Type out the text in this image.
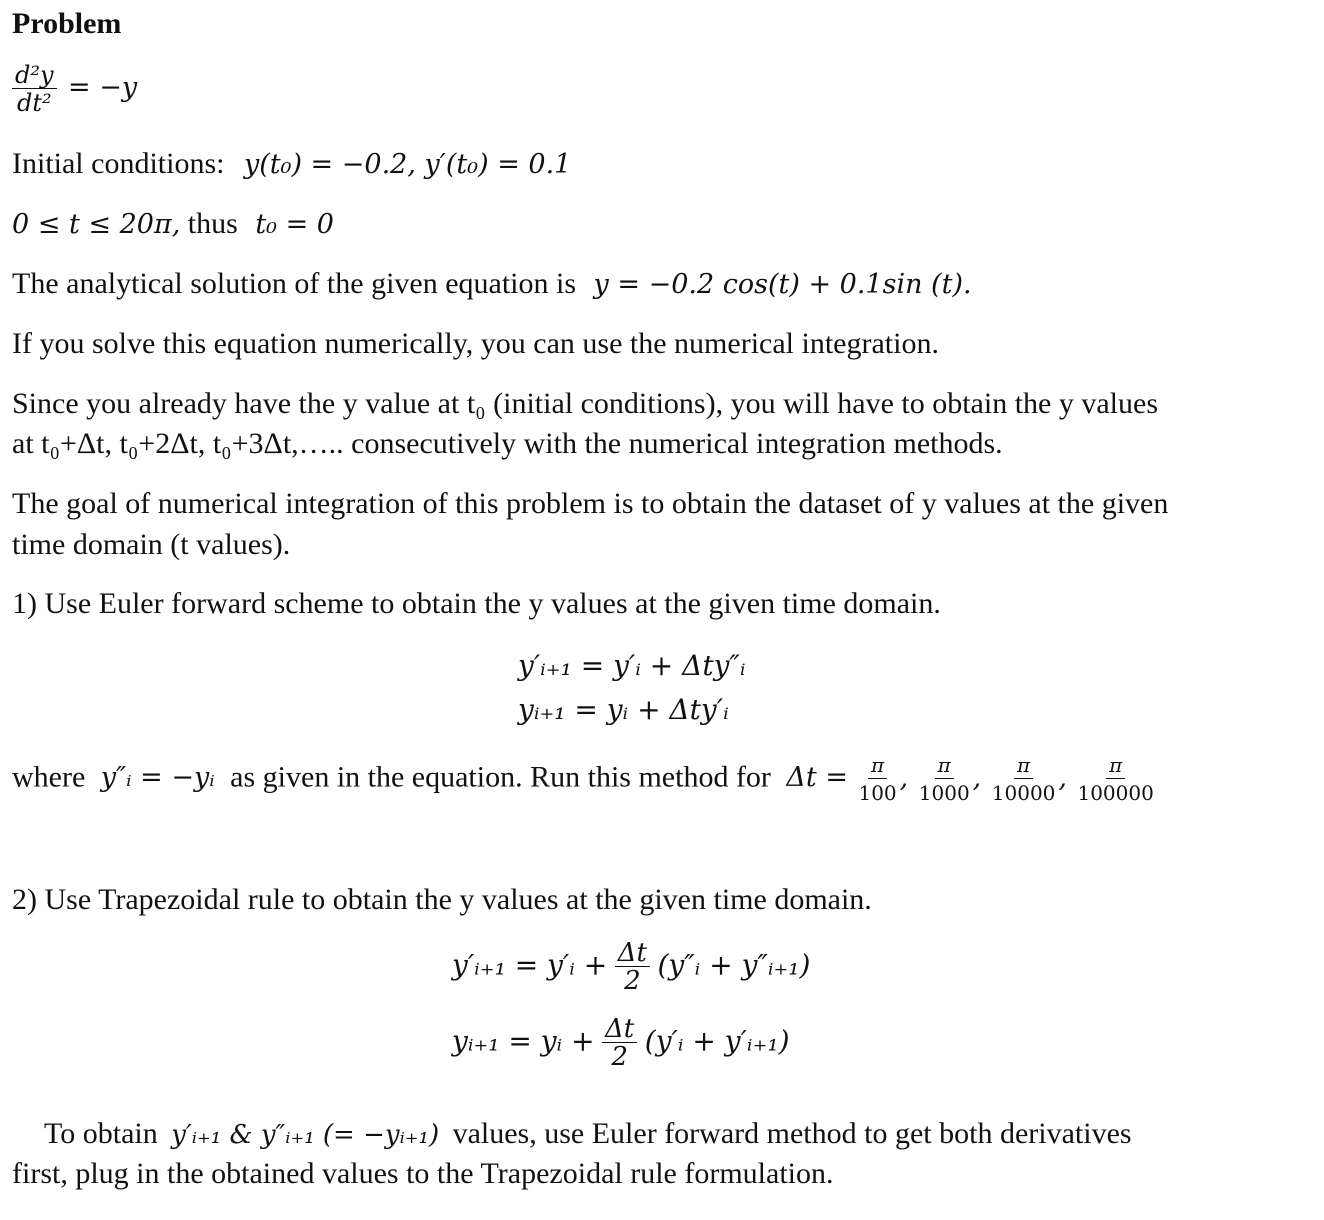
Problem
$\frac{\text{d²y}}{\text{dt²}} = -y$
Initial conditions: y(t₀) = −0.2, y′(t₀) = 0.1
0 ≤ t ≤ 20π, thus t₀ = 0
The analytical solution of the given equation is y = −0.2 cos(t) + 0.1sin (t).
If you solve this equation numerically, you can use the numerical integration.
Since you already have the y value at t₀ (initial conditions), you will have to obtain the y values
at t₀+Δt, t₀+2Δt, t₀+3Δt,….. consecutively with the numerical integration methods.
The goal of numerical integration of this problem is to obtain the dataset of y values at the given
time domain (t values).
1) Use Euler forward scheme to obtain the y values at the given time domain.
y′ᵢ₊₁ = y′ᵢ + Δty″ᵢ
yᵢ₊₁ = yᵢ + Δty′ᵢ
where y″ᵢ = −yᵢ as given in the equation. Run this method for $\Delta t = \frac{\pi}{100}$ , $\frac{\pi}{1000}$ , $\frac{\pi}{10000}$ , $\frac{\pi}{100000}$
2) Use Trapezoidal rule to obtain the y values at the given time domain.
y′ᵢ₊₁ = y′ᵢ + $\frac{\Delta t}{2}$ (y″ᵢ + y″ᵢ₊₁)
yᵢ₊₁ = yᵢ + $\frac{\Delta t}{2}$ (y′ᵢ + y′ᵢ₊₁)
To obtain y′ᵢ₊₁ & y″ᵢ₊₁ (= −yᵢ₊₁) values, use Euler forward method to get both derivatives
first, plug in the obtained values to the Trapezoidal rule formulation.
